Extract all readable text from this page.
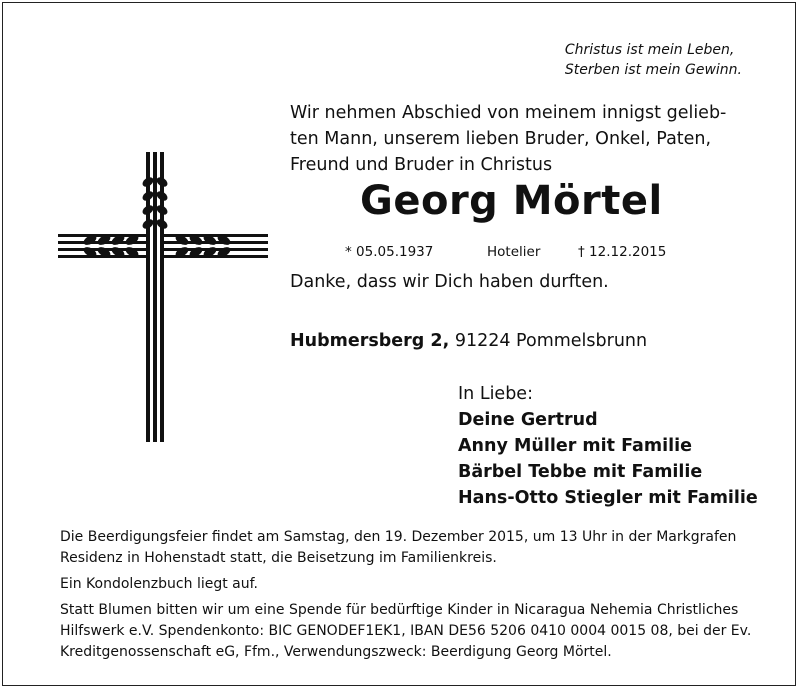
Christus ist mein Leben,
Sterben ist mein Gewinn.
Wir nehmen Abschied von meinem innigst gelieb-
ten Mann, unserem lieben Bruder, Onkel, Paten,
Freund und Bruder in Christus
Georg Mörtel
* 05.05.1937	Hotelier	† 12.12.2015
Danke, dass wir Dich haben durften.
Hubmersberg 2, 91224 Pommelsbrunn
In Liebe:
Deine Gertrud
Anny Müller mit Familie
Bärbel Tebbe mit Familie
Hans-Otto Stiegler mit Familie

Die Beerdigungsfeier findet am Samstag, den 19. Dezember 2015, um 13 Uhr in der Markgrafen Residenz in Hohenstadt statt, die Beisetzung im Familienkreis.

Ein Kondolenzbuch liegt auf.

Statt Blumen bitten wir um eine Spende für bedürftige Kinder in Nicaragua Nehemia Christliches Hilfswerk e.V. Spendenkonto: BIC GENODEF1EK1, IBAN DE56 5206 0410 0004 0015 08, bei der Ev. Kreditgenossenschaft eG, Ffm., Verwendungszweck: Beerdigung Georg Mörtel.
